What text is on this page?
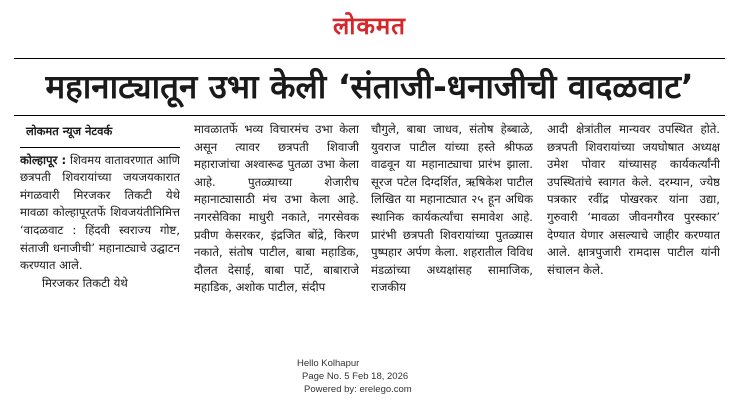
लोकमत
महानाट्यातून उभा केली ‘संताजी-धनाजीची वादळवाट’
लोकमत न्यूज नेटवर्क

कोल्हापूर : शिवमय वातावरणात आणि छत्रपती शिवरायांच्या जयजयकारात मंगळवारी मिरजकर तिकटी येथे मावळा कोल्हापूरतर्फे शिवजयंतीनिमित्त ‘वादळवाट : हिंदवी स्वराज्य गोष्ट, संताजी धनाजीची’ महानाट्याचे उद्घाटन करण्यात आले.

मिरजकर तिकटी येथे

मावळातर्फे भव्य विचारमंच उभा केला असून त्यावर छत्रपती शिवाजी महाराजांचा अश्वारूढ पुतळा उभा केला आहे. पुतळ्याच्या शेजारीच महानाट्यासाठी मंच उभा केला आहे. नगरसेविका माधुरी नकाते, नगरसेवक प्रवीण केसरकर, इंद्रजित बोंद्रे, किरण नकाते, संतोष पाटील, बाबा महाडिक, दौलत देसाई, बाबा पार्टे, बाबाराजे महाडिक, अशोक पाटील, संदीप

चौगुले, बाबा जाधव, संतोष हेब्बाळे, युवराज पाटील यांच्या हस्ते श्रीफळ वाढवून या महानाट्याचा प्रारंभ झाला. सूरज पटेल दिग्दर्शित, ऋषिकेश पाटील लिखित या महानाट्यात २५ हून अधिक स्थानिक कार्यकर्त्यांचा समावेश आहे. प्रारंभी छत्रपती शिवरायांच्या पुतळ्यास पुष्पहार अर्पण केला. शहरातील विविध मंडळांच्या अध्यक्षांसह सामाजिक, राजकीय

आदी क्षेत्रांतील मान्यवर उपस्थित होते. छत्रपती शिवरायांच्या जयघोषात अध्यक्ष उमेश पोवार यांच्यासह कार्यकर्त्यांनी उपस्थितांचे स्वागत केले. दरम्यान, ज्येष्ठ पत्रकार रवींद्र पोखरकर यांना उद्या, गुरुवारी ‘मावळा जीवनगौरव पुरस्कार’ देण्यात येणार असल्याचे जाहीर करण्यात आले. क्षात्रपुजारी रामदास पाटील यांनी संचालन केले.

Hello Kolhapur
Page No. 5 Feb 18, 2026
Powered by: erelego.com
